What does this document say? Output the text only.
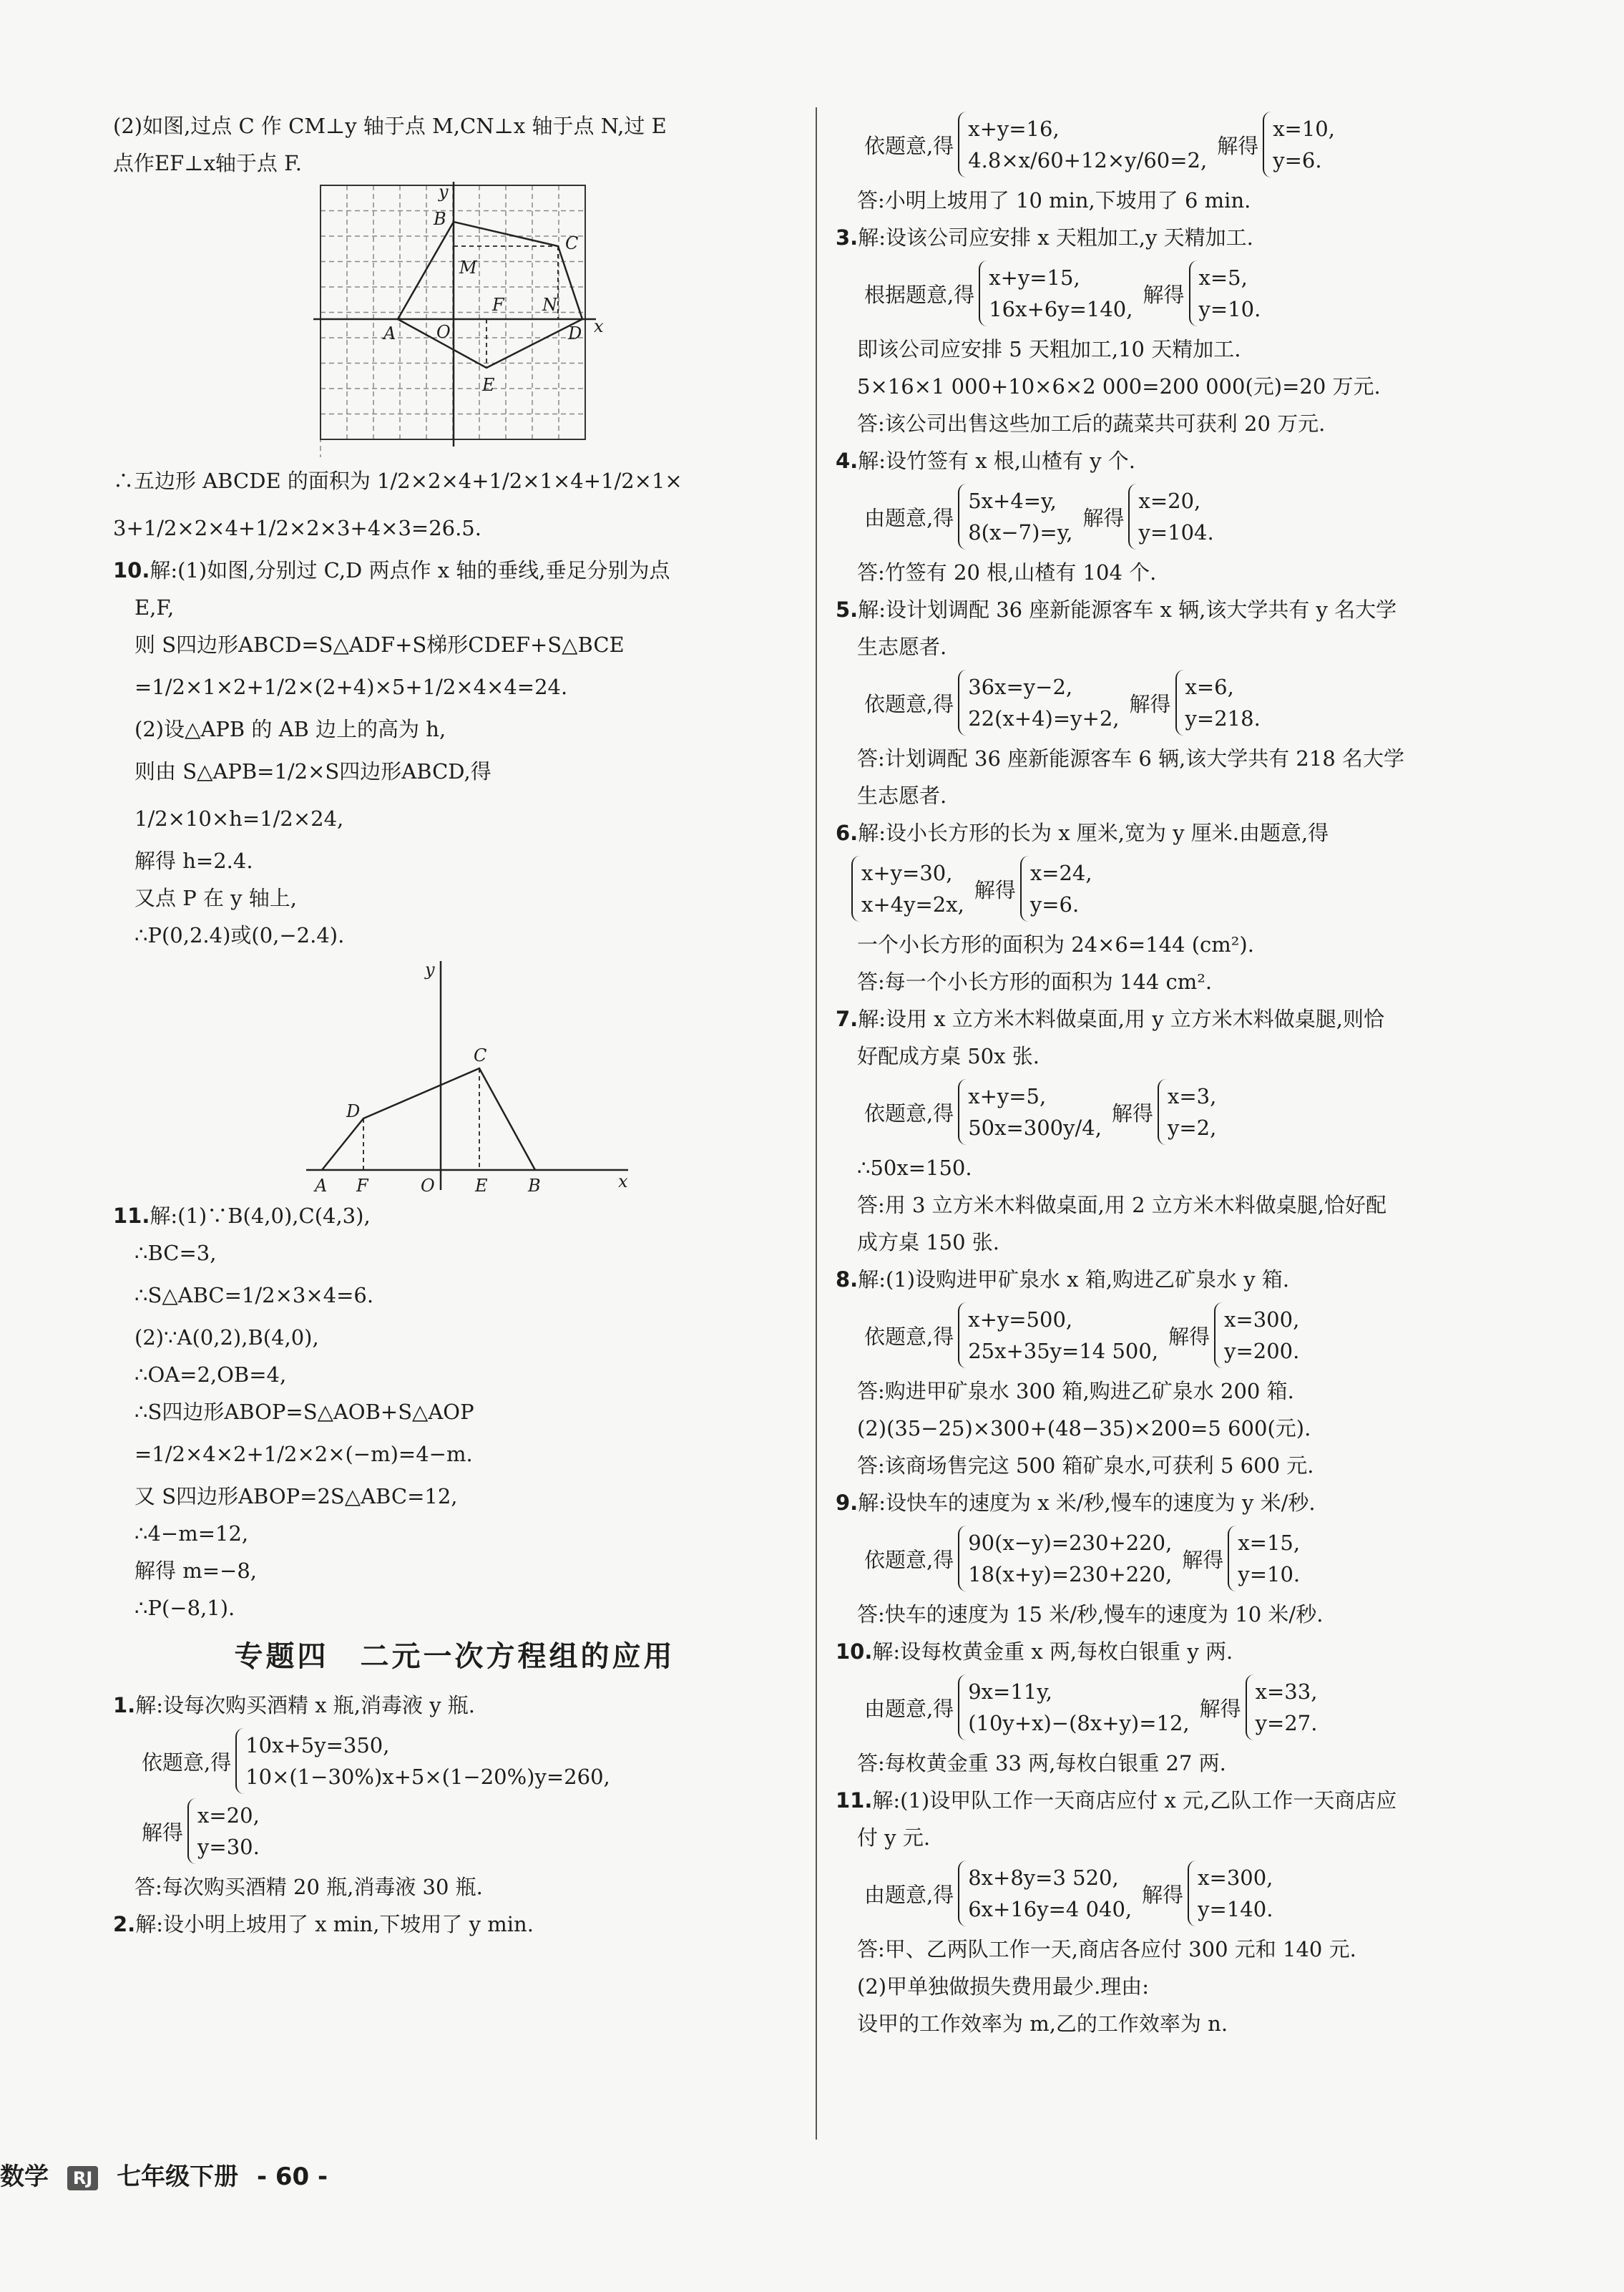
(2)如图,过点 C 作 CM⊥y 轴于点 M,CN⊥x 轴于点 N,过 E
点作EF⊥x轴于点 F.
y
B
C
M
F N
A O	D x
E
∴五边形 ABCDE 的面积为 1/2×2×4+1/2×1×4+1/2×1×
3+1/2×2×4+1/2×2×3+4×3=26.5.
10.解:(1)如图,分别过 C,D 两点作 x 轴的垂线,垂足分别为点
E,F,
则 S四边形ABCD=S△ADF+S梯形CDEF+S△BCE
=1/2×1×2+1/2×(2+4)×5+1/2×4×4=24.
(2)设△APB 的 AB 边上的高为 h,
则由 S△APB=1/2×S四边形ABCD,得
1/2×10×h=1/2×24,
解得 h=2.4.
又点 P 在 y 轴上,
∴P(0,2.4)或(0,−2.4).
y
C
D
A F	O E B	x
11.解:(1)∵B(4,0),C(4,3),
∴BC=3,
∴S△ABC=1/2×3×4=6.
(2)∵A(0,2),B(4,0),
∴OA=2,OB=4,
∴S四边形ABOP=S△AOB+S△AOP
=1/2×4×2+1/2×2×(−m)=4−m.
又 S四边形ABOP=2S△ABC=12,
∴4−m=12,
解得 m=−8,
∴P(−8,1).
专题四　二元一次方程组的应用
1.解:设每次购买酒精 x 瓶,消毒液 y 瓶.
依题意,得
10x+5y=350,
10×(1−30%)x+5×(1−20%)y=260,
解得
x=20,
y=30.
答:每次购买酒精 20 瓶,消毒液 30 瓶.
2.解:设小明上坡用了 x min,下坡用了 y min.
依题意,得
x+y=16,
4.8×x/60+12×y/60=2,
解得
x=10,
y=6.
答:小明上坡用了 10 min,下坡用了 6 min.
3.解:设该公司应安排 x 天粗加工,y 天精加工.
根据题意,得
x+y=15,
16x+6y=140,
解得
x=5,
y=10.
即该公司应安排 5 天粗加工,10 天精加工.
5×16×1 000+10×6×2 000=200 000(元)=20 万元.
答:该公司出售这些加工后的蔬菜共可获利 20 万元.
4.解:设竹签有 x 根,山楂有 y 个.
由题意,得
5x+4=y,
8(x−7)=y,
解得
x=20,
y=104.
答:竹签有 20 根,山楂有 104 个.
5.解:设计划调配 36 座新能源客车 x 辆,该大学共有 y 名大学
生志愿者.
依题意,得
36x=y−2,
22(x+4)=y+2,
解得
x=6,
y=218.
答:计划调配 36 座新能源客车 6 辆,该大学共有 218 名大学
生志愿者.
6.解:设小长方形的长为 x 厘米,宽为 y 厘米.由题意,得
x+y=30,
x+4y=2x,
解得
x=24,
y=6.
一个小长方形的面积为 24×6=144 (cm²).
答:每一个小长方形的面积为 144 cm².
7.解:设用 x 立方米木料做桌面,用 y 立方米木料做桌腿,则恰
好配成方桌 50x 张.
依题意,得
x+y=5,
50x=300y/4,
解得
x=3,
y=2,
∴50x=150.
答:用 3 立方米木料做桌面,用 2 立方米木料做桌腿,恰好配
成方桌 150 张.
8.解:(1)设购进甲矿泉水 x 箱,购进乙矿泉水 y 箱.
依题意,得
x+y=500,
25x+35y=14 500,
解得
x=300,
y=200.
答:购进甲矿泉水 300 箱,购进乙矿泉水 200 箱.
(2)(35−25)×300+(48−35)×200=5 600(元).
答:该商场售完这 500 箱矿泉水,可获利 5 600 元.
9.解:设快车的速度为 x 米/秒,慢车的速度为 y 米/秒.
依题意,得
90(x−y)=230+220,
18(x+y)=230+220,
解得
x=15,
y=10.
答:快车的速度为 15 米/秒,慢车的速度为 10 米/秒.
10.解:设每枚黄金重 x 两,每枚白银重 y 两.
由题意,得
9x=11y,
(10y+x)−(8x+y)=12,
解得
x=33,
y=27.
答:每枚黄金重 33 两,每枚白银重 27 两.
11.解:(1)设甲队工作一天商店应付 x 元,乙队工作一天商店应
付 y 元.
由题意,得
8x+8y=3 520,
6x+16y=4 040,
解得
x=300,
y=140.
答:甲、乙两队工作一天,商店各应付 300 元和 140 元.
(2)甲单独做损失费用最少.理由:
设甲的工作效率为 m,乙的工作效率为 n.
数学 RJ 七年级下册 - 60 -
